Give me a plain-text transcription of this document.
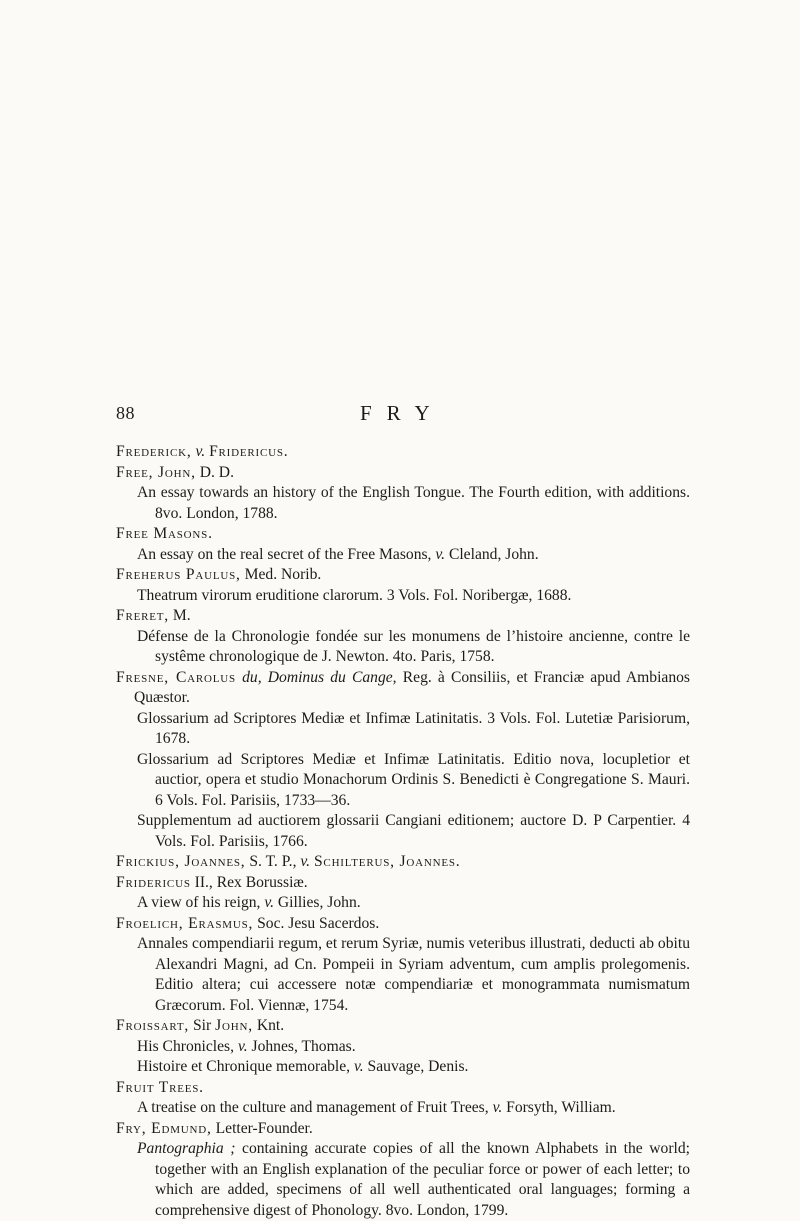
88	FRY

Frederick, v. Fridericus.

Free, John, D. D.

An essay towards an history of the English Tongue. The Fourth edition, with additions. 8vo. London, 1788.

Free Masons.

An essay on the real secret of the Free Masons, v. Cleland, John.

Freherus Paulus, Med. Norib.

Theatrum virorum eruditione clarorum. 3 Vols. Fol. Noribergæ, 1688.

Freret, M.

Défense de la Chronologie fondée sur les monumens de l’histoire ancienne, contre le systême chronologique de J. Newton. 4to. Paris, 1758.

Fresne, Carolus du, Dominus du Cange, Reg. à Consiliis, et Franciæ apud Ambianos Quæstor.

Glossarium ad Scriptores Mediæ et Infimæ Latinitatis. 3 Vols. Fol. Lutetiæ Parisiorum, 1678.

Glossarium ad Scriptores Mediæ et Infimæ Latinitatis. Editio nova, locupletior et auctior, opera et studio Monachorum Ordinis S. Benedicti è Congregatione S. Mauri. 6 Vols. Fol. Parisiis, 1733—36.

Supplementum ad auctiorem glossarii Cangiani editionem; auctore D. P Carpentier. 4 Vols. Fol. Parisiis, 1766.

Frickius, Joannes, S. T. P., v. Schilterus, Joannes.

Fridericus II., Rex Borussiæ.

A view of his reign, v. Gillies, John.

Froelich, Erasmus, Soc. Jesu Sacerdos.

Annales compendiarii regum, et rerum Syriæ, numis veteribus illustrati, deducti ab obitu Alexandri Magni, ad Cn. Pompeii in Syriam adventum, cum amplis prolegomenis. Editio altera; cui accessere notæ compendiariæ et monogrammata numismatum Græcorum. Fol. Viennæ, 1754.

Froissart, Sir John, Knt.

His Chronicles, v. Johnes, Thomas.

Histoire et Chronique memorable, v. Sauvage, Denis.

Fruit Trees.

A treatise on the culture and management of Fruit Trees, v. Forsyth, William.

Fry, Edmund, Letter-Founder.

Pantographia ; containing accurate copies of all the known Alphabets in the world; together with an English explanation of the peculiar force or power of each letter; to which are added, specimens of all well authenticated oral languages; forming a comprehensive digest of Phonology. 8vo. London, 1799.
